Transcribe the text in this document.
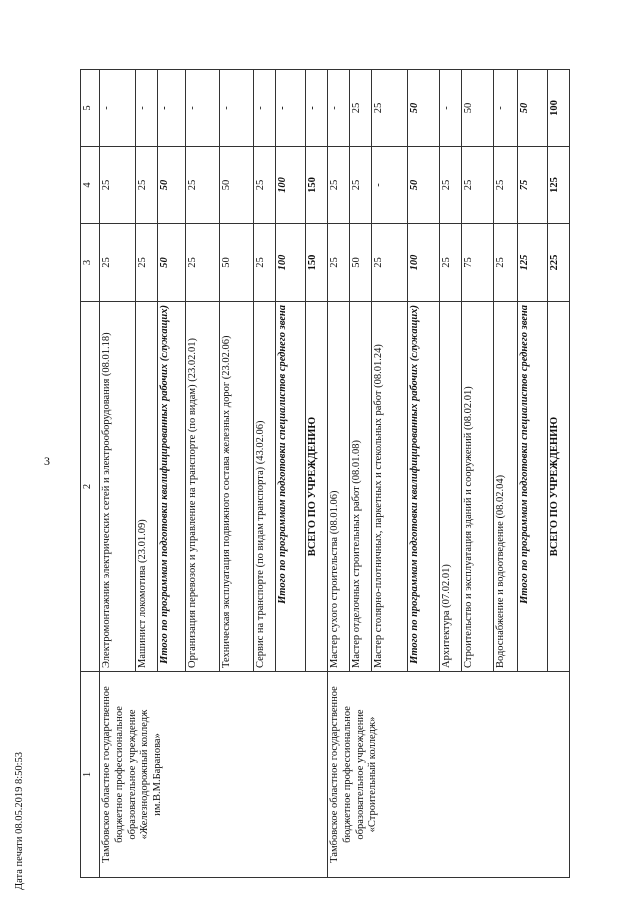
3
Дата печати 08.05.2019 8:50:53	1	2	3	4	5
Тамбовское областное государственное бюджетное профессиональное образовательное учреждение «Железнодорожный колледж им.В.М.Баранова»	Электромонтажник электрических сетей и электрооборудования (08.01.18)	25	25	-
	Машинист локомотива (23.01.09)	25	25	-
	Итого по программам подготовки квалифицированных рабочих (служащих)	50	50	-
	Организация перевозок и управление на транспорте (по видам) (23.02.01)	25	25	-
	Техническая эксплуатация подвижного состава железных дорог (23.02.06)	50	50	-
	Сервис на транспорте (по видам транспорта) (43.02.06)	25	25	-
	Итого по программам подготовки специалистов среднего звена	100	100	-
	ВСЕГО ПО УЧРЕЖДЕНИЮ	150	150	-
Тамбовское областное государственное бюджетное профессиональное образовательное учреждение «Строительный колледж»	Мастер сухого строительства (08.01.06)	25	25	-
	Мастер отделочных строительных работ (08.01.08)	50	25	25
	Мастер столярно-плотничных, паркетных и стекольных работ (08.01.24)	25	-	25
	Итого по программам подготовки квалифицированных рабочих (служащих)	100	50	50
	Архитектура (07.02.01)	25	25	-
	Строительство и эксплуатация зданий и сооружений (08.02.01)	75	25	50
	Водоснабжение и водоотведение (08.02.04)	25	25	-
	Итого по программам подготовки специалистов среднего звена	125	75	50
	ВСЕГО ПО УЧРЕЖДЕНИЮ	225	125	100
